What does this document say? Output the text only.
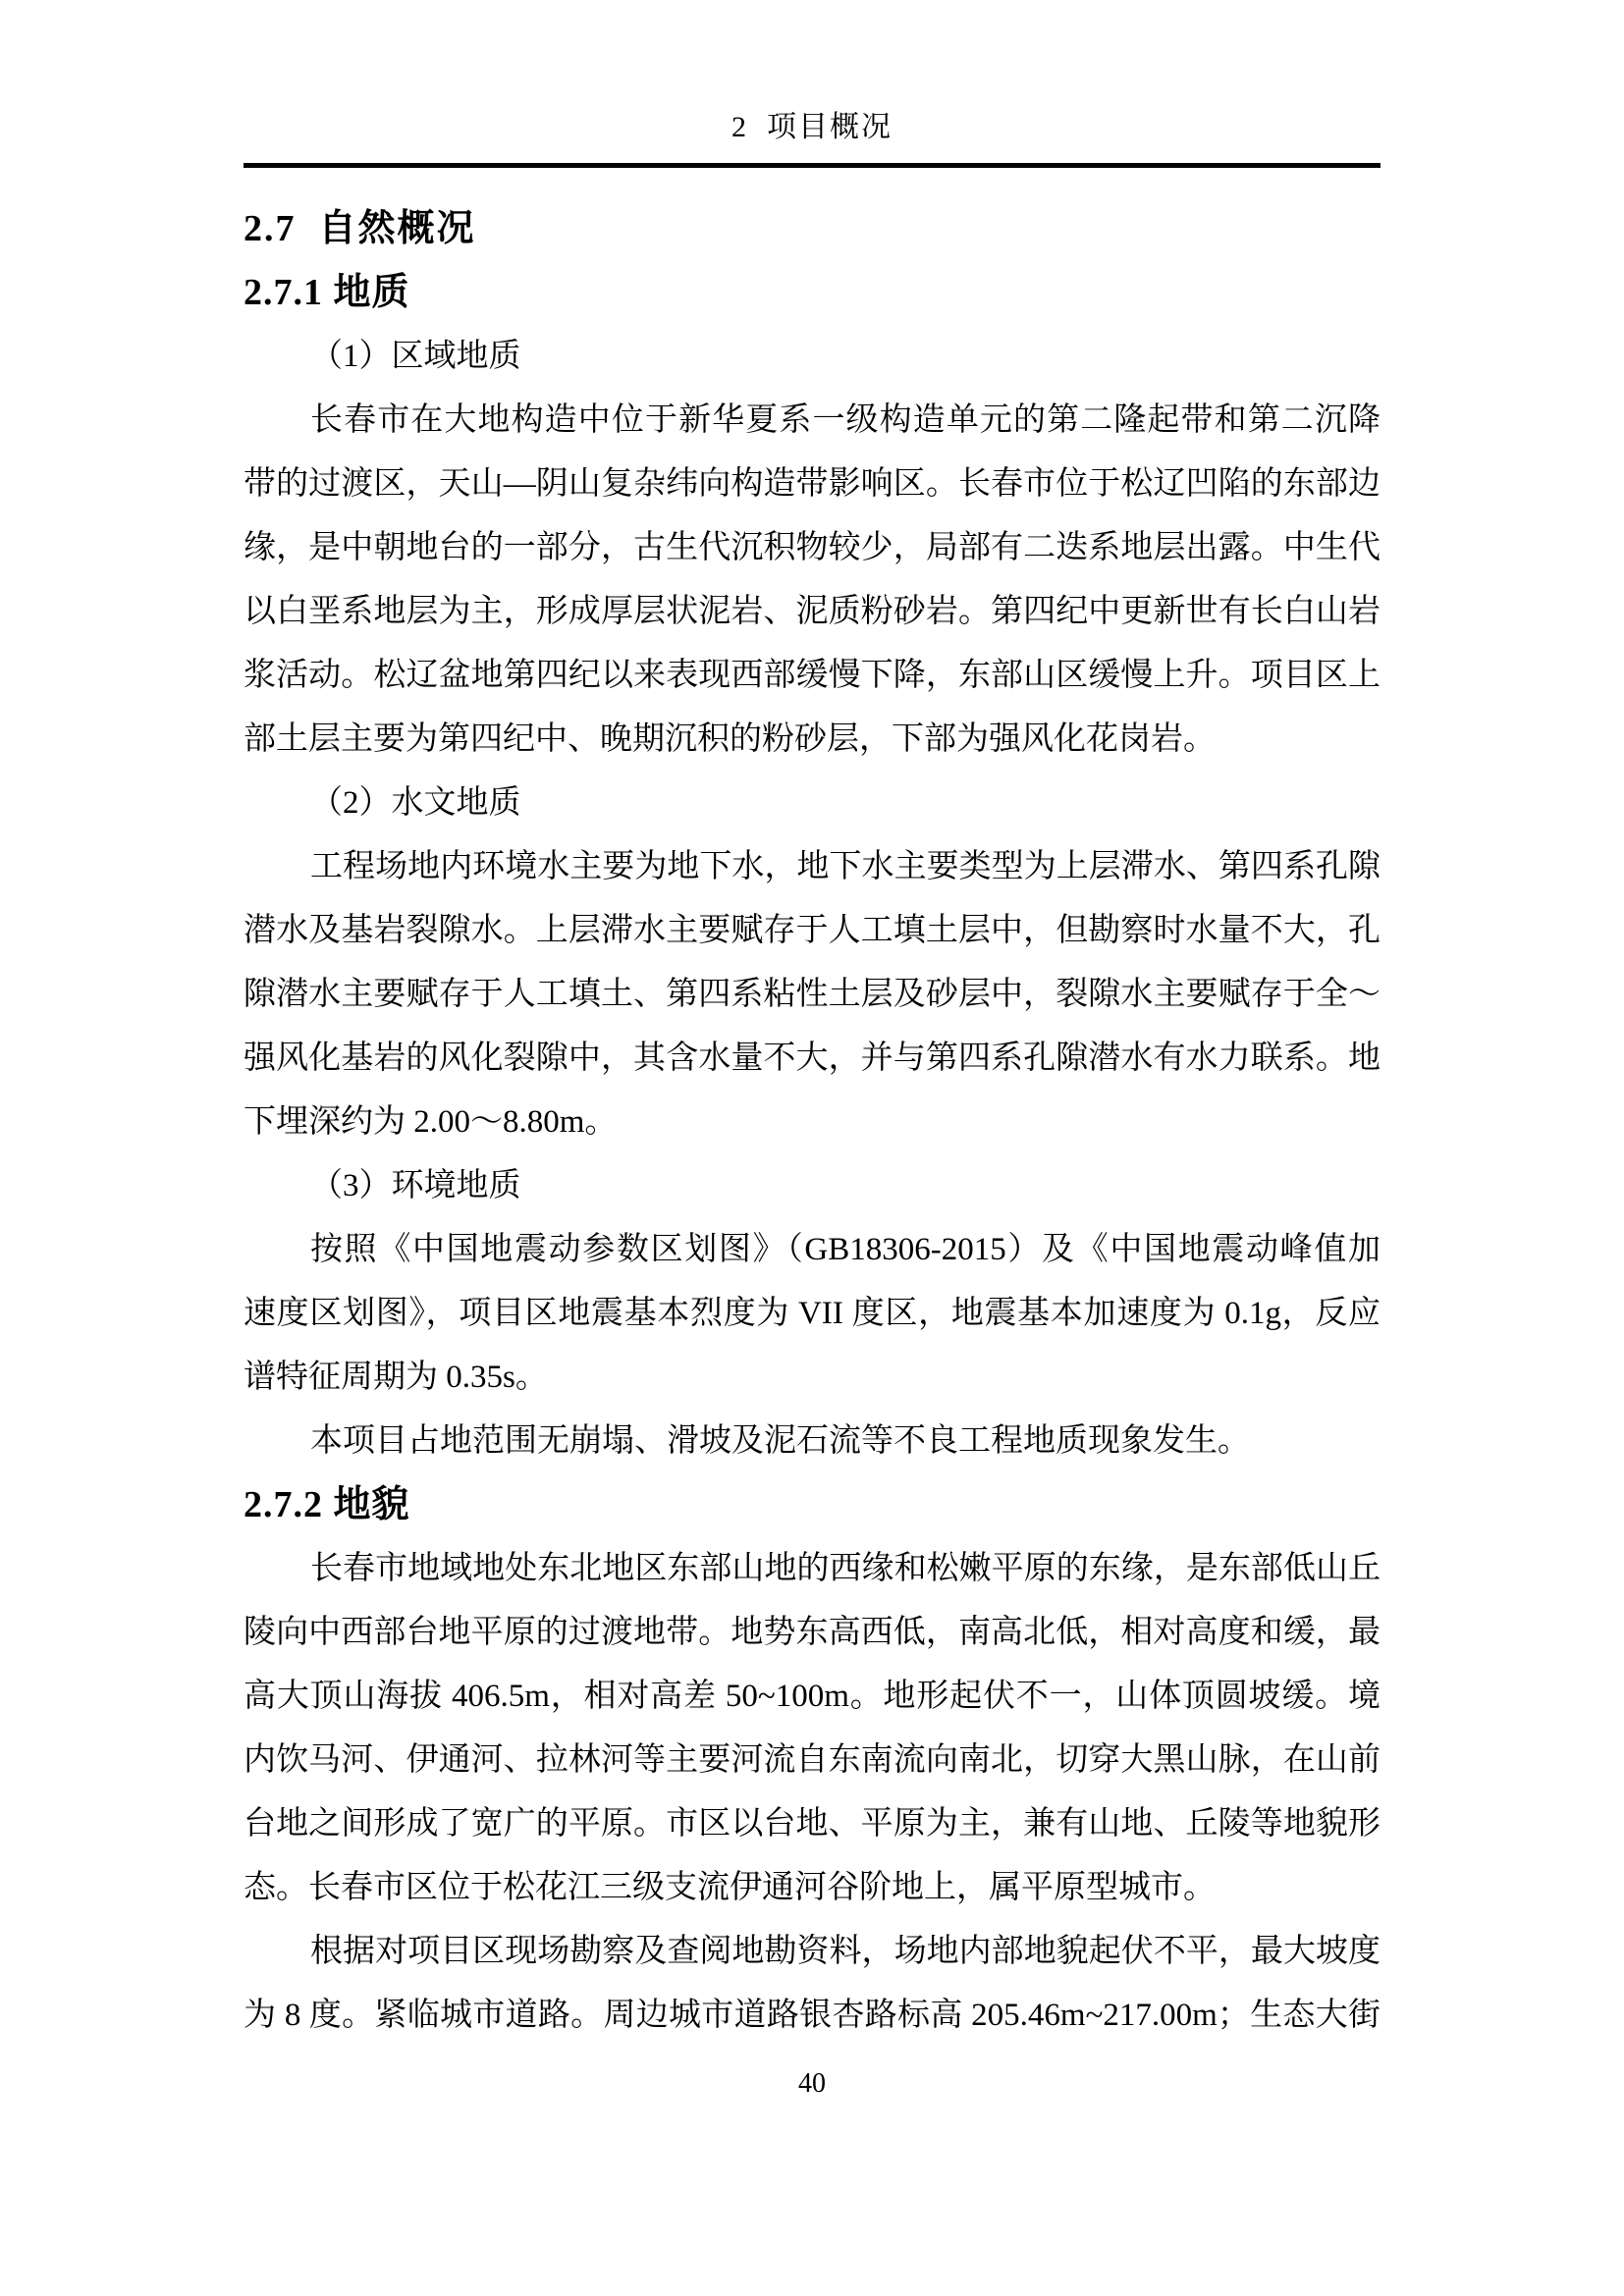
2  项目概况
2.7  自然概况
2.7.1 地质
（1）区域地质
长春市在大地构造中位于新华夏系一级构造单元的第二隆起带和第二沉降
带的过渡区，天山—阴山复杂纬向构造带影响区。长春市位于松辽凹陷的东部边
缘，是中朝地台的一部分，古生代沉积物较少，局部有二迭系地层出露。中生代
以白垩系地层为主，形成厚层状泥岩、泥质粉砂岩。第四纪中更新世有长白山岩
浆活动。松辽盆地第四纪以来表现西部缓慢下降，东部山区缓慢上升。项目区上
部土层主要为第四纪中、晚期沉积的粉砂层，下部为强风化花岗岩。
（2）水文地质
工程场地内环境水主要为地下水，地下水主要类型为上层滞水、第四系孔隙
潜水及基岩裂隙水。上层滞水主要赋存于人工填土层中，但勘察时水量不大，孔
隙潜水主要赋存于人工填土、第四系粘性土层及砂层中，裂隙水主要赋存于全～
强风化基岩的风化裂隙中，其含水量不大，并与第四系孔隙潜水有水力联系。地
下埋深约为 2.00～8.80m。
（3）环境地质
按照《中国地震动参数区划图》（GB18306-2015）及《中国地震动峰值加
速度区划图》，项目区地震基本烈度为 VII 度区，地震基本加速度为 0.1g，反应
谱特征周期为 0.35s。
本项目占地范围无崩塌、滑坡及泥石流等不良工程地质现象发生。
2.7.2 地貌
长春市地域地处东北地区东部山地的西缘和松嫩平原的东缘，是东部低山丘
陵向中西部台地平原的过渡地带。地势东高西低，南高北低，相对高度和缓，最
高大顶山海拔 406.5m，相对高差 50~100m。地形起伏不一，山体顶圆坡缓。境
内饮马河、伊通河、拉林河等主要河流自东南流向南北，切穿大黑山脉，在山前
台地之间形成了宽广的平原。市区以台地、平原为主，兼有山地、丘陵等地貌形
态。长春市区位于松花江三级支流伊通河谷阶地上，属平原型城市。
根据对项目区现场勘察及查阅地勘资料，场地内部地貌起伏不平，最大坡度
为 8 度。紧临城市道路。周边城市道路银杏路标高 205.46m~217.00m；生态大街
40
